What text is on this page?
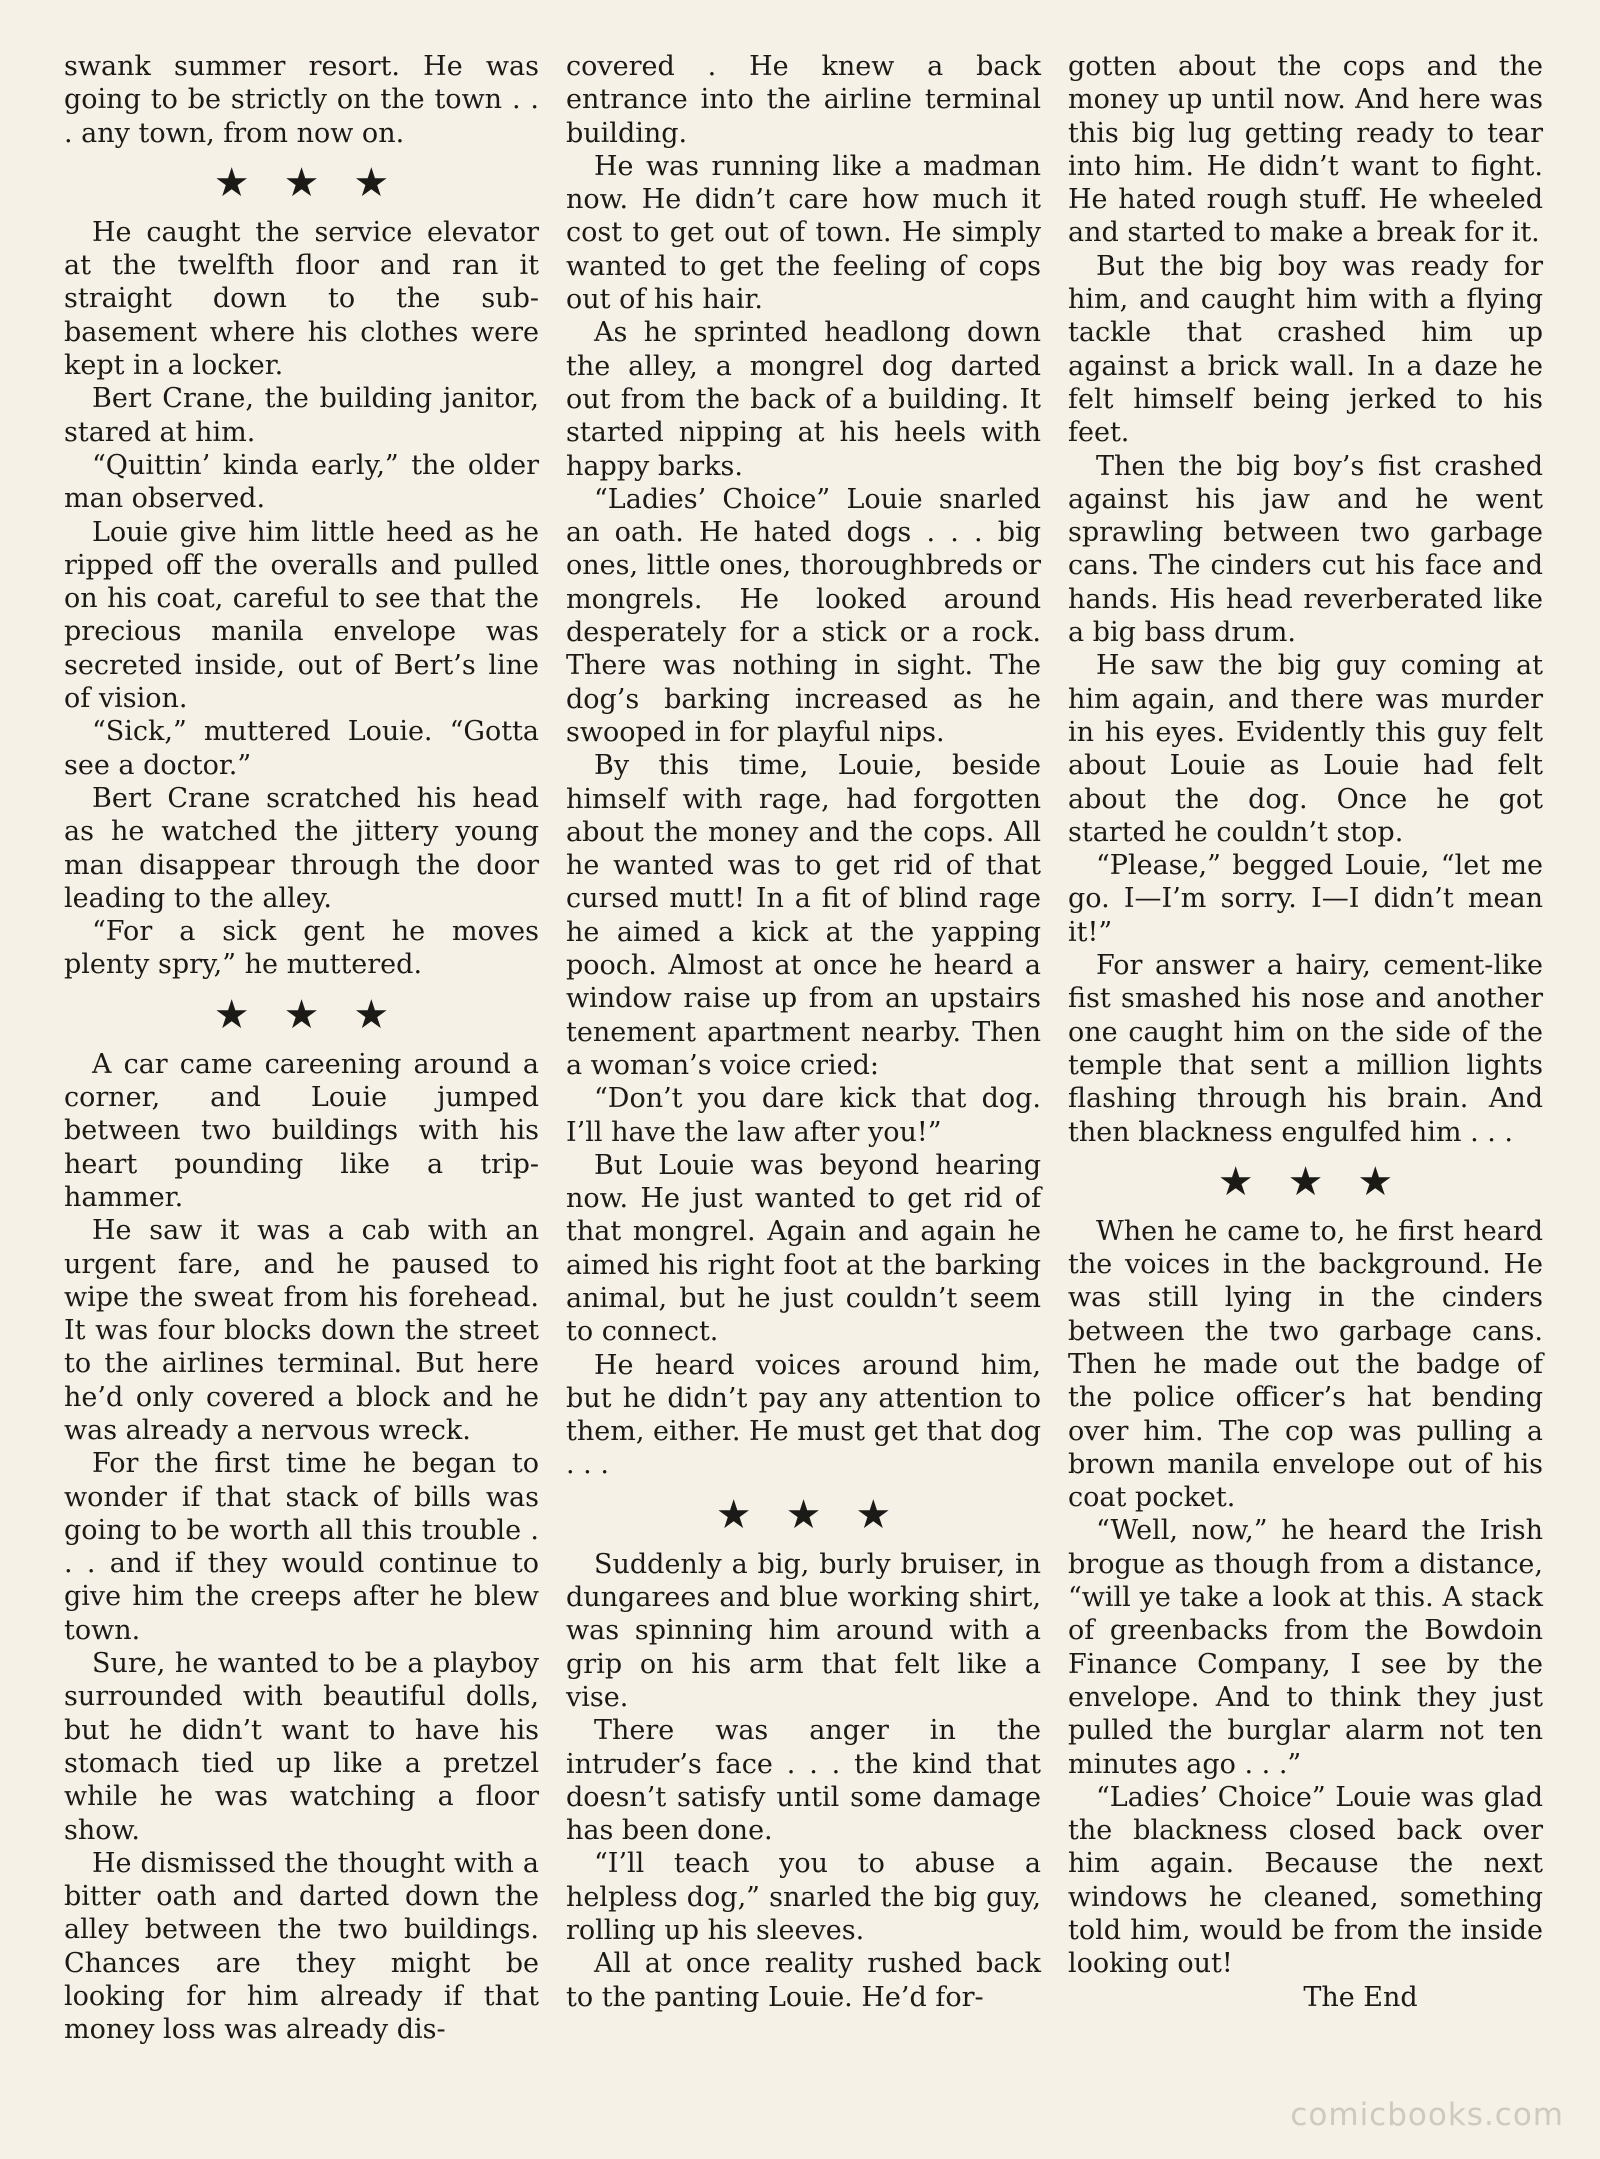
swank summer resort. He was going to be strictly on the town . . . any town, from now on.

★★★

He caught the service elevator at the twelfth floor and ran it straight down to the sub-basement where his clothes were kept in a locker.

Bert Crane, the building janitor, stared at him.

“Quittin’ kinda early,” the older man observed.

Louie give him little heed as he ripped off the overalls and pulled on his coat, careful to see that the precious manila envelope was secreted inside, out of Bert’s line of vision.

“Sick,” muttered Louie. “Gotta see a doctor.”

Bert Crane scratched his head as he watched the jittery young man disappear through the door leading to the alley.

“For a sick gent he moves plenty spry,” he muttered.

★★★

A car came careening around a corner, and Louie jumped between two buildings with his heart pounding like a trip-hammer.

He saw it was a cab with an urgent fare, and he paused to wipe the sweat from his forehead. It was four blocks down the street to the airlines terminal. But here he’d only covered a block and he was already a nervous wreck.

For the first time he began to wonder if that stack of bills was going to be worth all this trouble . . . and if they would continue to give him the creeps after he blew town.

Sure, he wanted to be a playboy surrounded with beautiful dolls, but he didn’t want to have his stomach tied up like a pretzel while he was watching a floor show.

He dismissed the thought with a bitter oath and darted down the alley between the two buildings. Chances are they might be looking for him already if that money loss was already dis-

covered . He knew a back entrance into the airline terminal building.

He was running like a madman now. He didn’t care how much it cost to get out of town. He simply wanted to get the feeling of cops out of his hair.

As he sprinted headlong down the alley, a mongrel dog darted out from the back of a building. It started nipping at his heels with happy barks.

“Ladies’ Choice” Louie snarled an oath. He hated dogs . . . big ones, little ones, thoroughbreds or mongrels. He looked around desperately for a stick or a rock. There was nothing in sight. The dog’s barking increased as he swooped in for playful nips.

By this time, Louie, beside himself with rage, had forgotten about the money and the cops. All he wanted was to get rid of that cursed mutt! In a fit of blind rage he aimed a kick at the yapping pooch. Almost at once he heard a window raise up from an upstairs tenement apartment nearby. Then a woman’s voice cried:

“Don’t you dare kick that dog. I’ll have the law after you!”

But Louie was beyond hearing now. He just wanted to get rid of that mongrel. Again and again he aimed his right foot at the barking animal, but he just couldn’t seem to connect.

He heard voices around him, but he didn’t pay any attention to them, either. He must get that dog . . .

★★★

Suddenly a big, burly bruiser, in dungarees and blue working shirt, was spinning him around with a grip on his arm that felt like a vise.

There was anger in the intruder’s face . . . the kind that doesn’t satisfy until some damage has been done.

“I’ll teach you to abuse a helpless dog,” snarled the big guy, rolling up his sleeves.

All at once reality rushed back to the panting Louie. He’d for-

gotten about the cops and the money up until now. And here was this big lug getting ready to tear into him. He didn’t want to fight. He hated rough stuff. He wheeled and started to make a break for it.

But the big boy was ready for him, and caught him with a flying tackle that crashed him up against a brick wall. In a daze he felt himself being jerked to his feet.

Then the big boy’s fist crashed against his jaw and he went sprawling between two garbage cans. The cinders cut his face and hands. His head reverberated like a big bass drum.

He saw the big guy coming at him again, and there was murder in his eyes. Evidently this guy felt about Louie as Louie had felt about the dog. Once he got started he couldn’t stop.

“Please,” begged Louie, “let me go. I—I’m sorry. I—I didn’t mean it!”

For answer a hairy, cement-like fist smashed his nose and another one caught him on the side of the temple that sent a million lights flashing through his brain. And then blackness engulfed him . . .

★★★

When he came to, he first heard the voices in the background. He was still lying in the cinders between the two garbage cans. Then he made out the badge of the police officer’s hat bending over him. The cop was pulling a brown manila envelope out of his coat pocket.

“Well, now,” he heard the Irish brogue as though from a distance, “will ye take a look at this. A stack of greenbacks from the Bowdoin Finance Company, I see by the envelope. And to think they just pulled the burglar alarm not ten minutes ago . . .”

“Ladies’ Choice” Louie was glad the blackness closed back over him again. Because the next windows he cleaned, something told him, would be from the inside looking out!

The End

comicbooks.com
